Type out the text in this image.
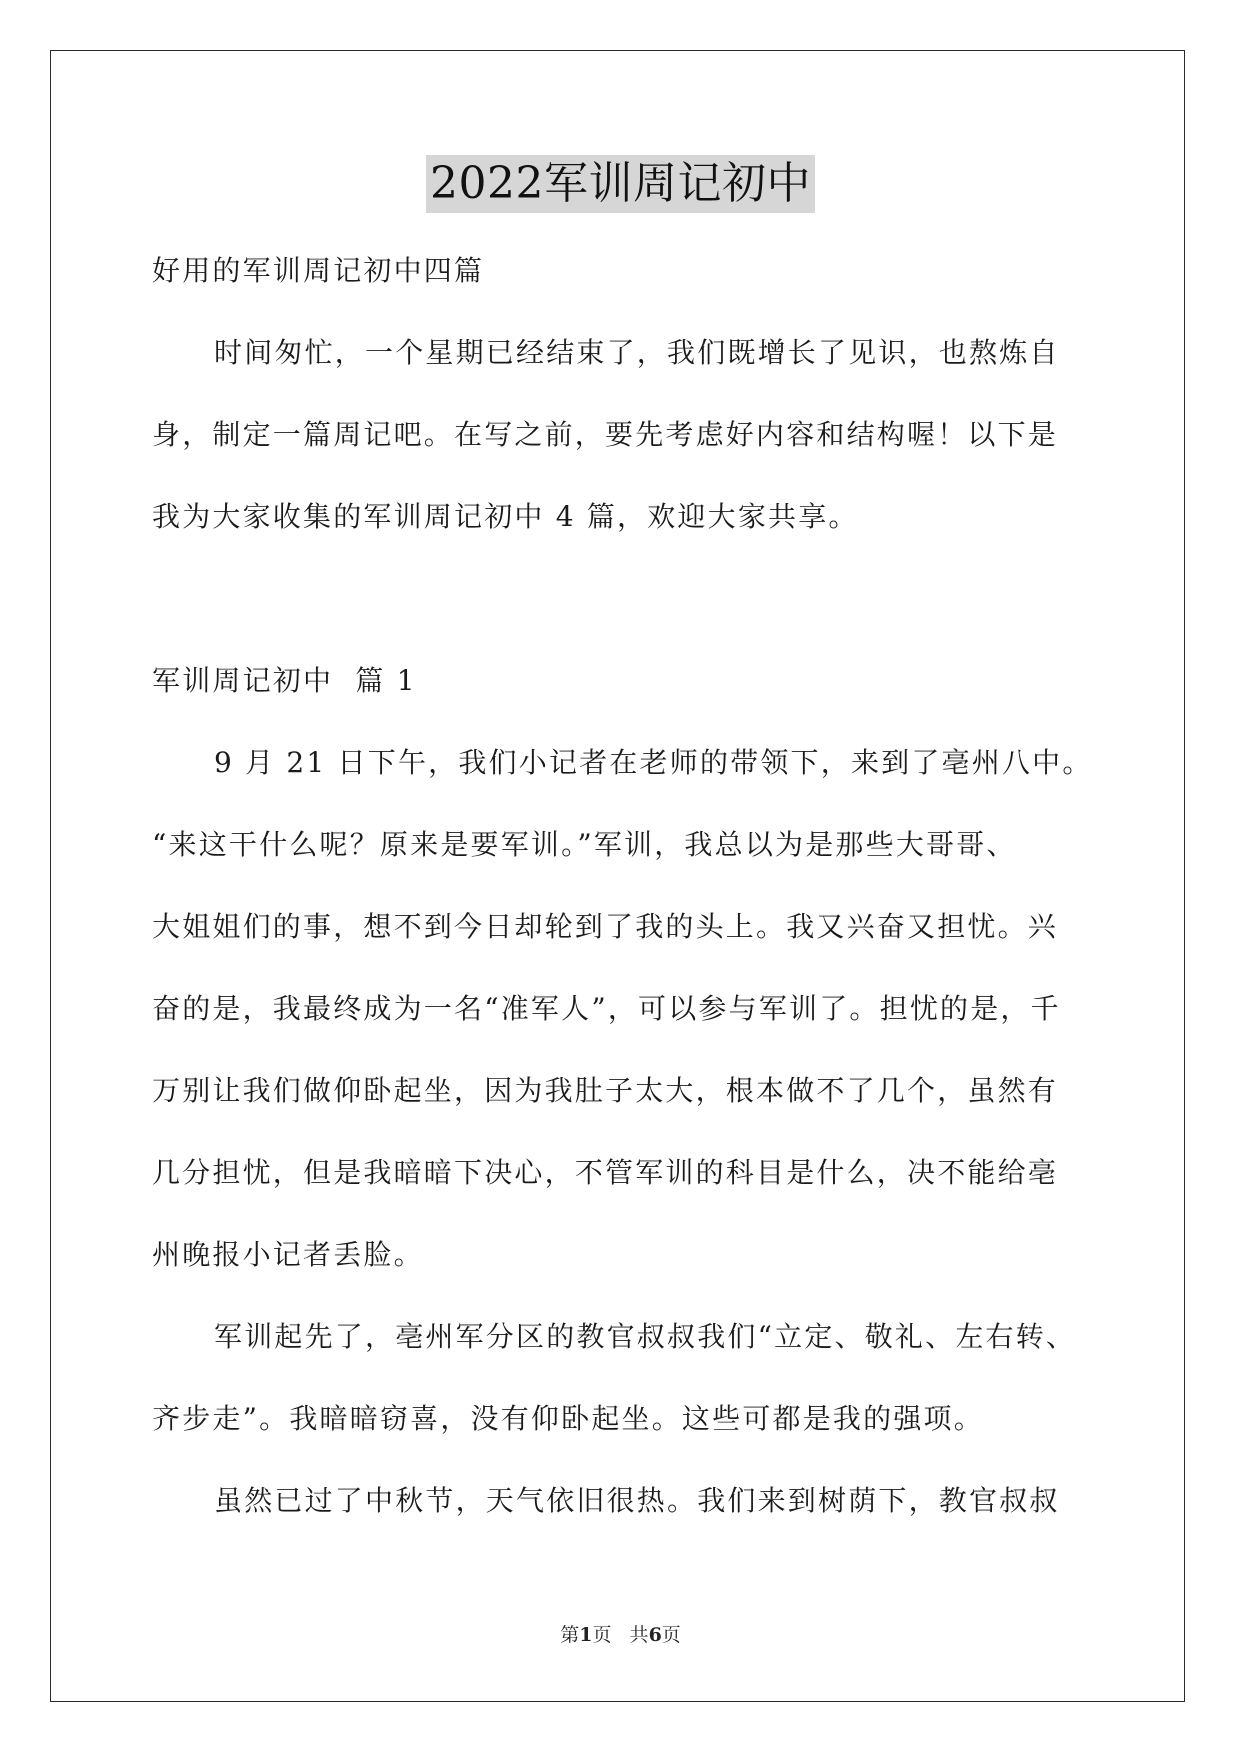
2022军训周记初中
好用的军训周记初中四篇
时间匆忙，一个星期已经结束了，我们既增长了见识，也熬炼自
身，制定一篇周记吧。在写之前，要先考虑好内容和结构喔！以下是
我为大家收集的军训周记初中 4 篇，欢迎大家共享。
军训周记初中  篇 1
9 月 21 日下午，我们小记者在老师的带领下，来到了亳州八中。
“来这干什么呢？原来是要军训。”军训，我总以为是那些大哥哥、
大姐姐们的事，想不到今日却轮到了我的头上。我又兴奋又担忧。兴
奋的是，我最终成为一名“准军人”，可以参与军训了。担忧的是，千
万别让我们做仰卧起坐，因为我肚子太大，根本做不了几个，虽然有
几分担忧，但是我暗暗下决心，不管军训的科目是什么，决不能给亳
州晚报小记者丢脸。
军训起先了，亳州军分区的教官叔叔我们“立定、敬礼、左右转、
齐步走”。我暗暗窃喜，没有仰卧起坐。这些可都是我的强项。
虽然已过了中秋节，天气依旧很热。我们来到树荫下，教官叔叔
第1页   共6页
